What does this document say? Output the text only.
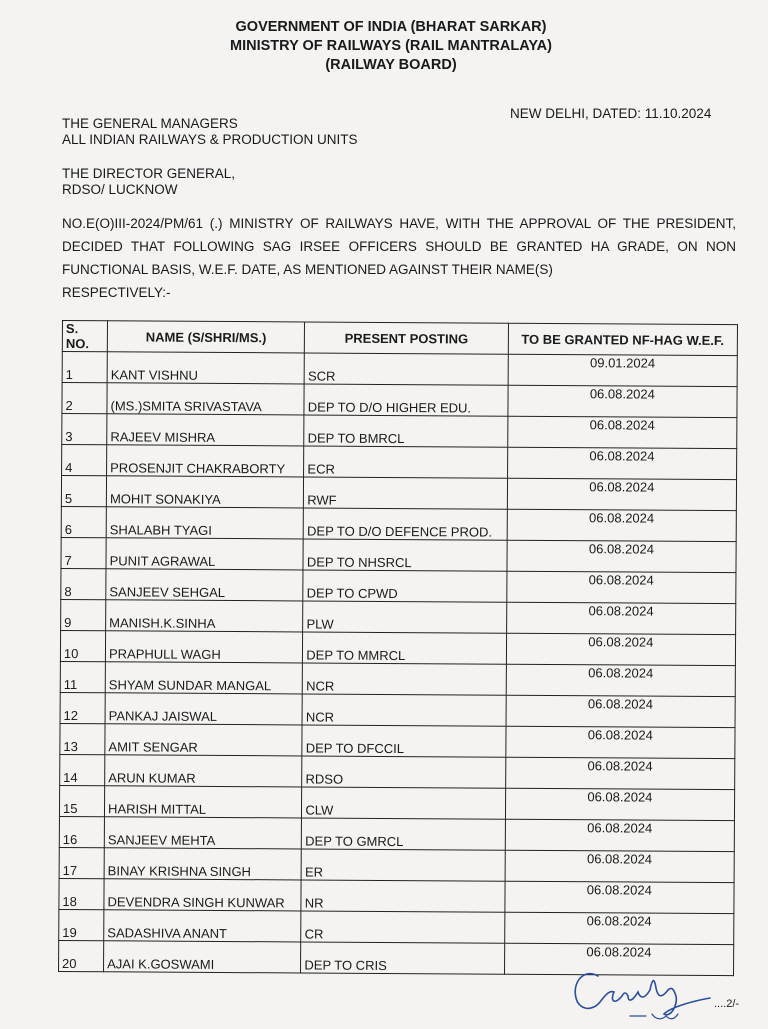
GOVERNMENT OF INDIA (BHARAT SARKAR)
MINISTRY OF RAILWAYS (RAIL MANTRALAYA)
(RAILWAY BOARD)
NEW DELHI, DATED: 11.10.2024
THE GENERAL MANAGERS
ALL INDIAN RAILWAYS & PRODUCTION UNITS
THE DIRECTOR GENERAL,
RDSO/ LUCKNOW
NO.E(O)III-2024/PM/61 (.) MINISTRY OF RAILWAYS HAVE, WITH THE APPROVAL OF THE PRESIDENT, DECIDED THAT FOLLOWING SAG IRSEE OFFICERS SHOULD BE GRANTED HA GRADE, ON NON FUNCTIONAL BASIS, W.E.F. DATE, AS MENTIONED AGAINST THEIR NAME(S)
RESPECTIVELY:-
S. NO.	NAME (S/SHRI/MS.)	PRESENT POSTING	TO BE GRANTED NF-HAG W.E.F.
1	KANT VISHNU	SCR	09.01.2024
2	(MS.)SMITA SRIVASTAVA	DEP TO D/O HIGHER EDU.	06.08.2024
3	RAJEEV MISHRA	DEP TO BMRCL	06.08.2024
4	PROSENJIT CHAKRABORTY	ECR	06.08.2024
5	MOHIT SONAKIYA	RWF	06.08.2024
6	SHALABH TYAGI	DEP TO D/O DEFENCE PROD.	06.08.2024
7	PUNIT AGRAWAL	DEP TO NHSRCL	06.08.2024
8	SANJEEV SEHGAL	DEP TO CPWD	06.08.2024
9	MANISH.K.SINHA	PLW	06.08.2024
10	PRAPHULL WAGH	DEP TO MMRCL	06.08.2024
11	SHYAM SUNDAR MANGAL	NCR	06.08.2024
12	PANKAJ JAISWAL	NCR	06.08.2024
13	AMIT SENGAR	DEP TO DFCCIL	06.08.2024
14	ARUN KUMAR	RDSO	06.08.2024
15	HARISH MITTAL	CLW	06.08.2024
16	SANJEEV MEHTA	DEP TO GMRCL	06.08.2024
17	BINAY KRISHNA SINGH	ER	06.08.2024
18	DEVENDRA SINGH KUNWAR	NR	06.08.2024
19	SADASHIVA ANANT	CR	06.08.2024
20	AJAI K.GOSWAMI	DEP TO CRIS	06.08.2024
....2/-
